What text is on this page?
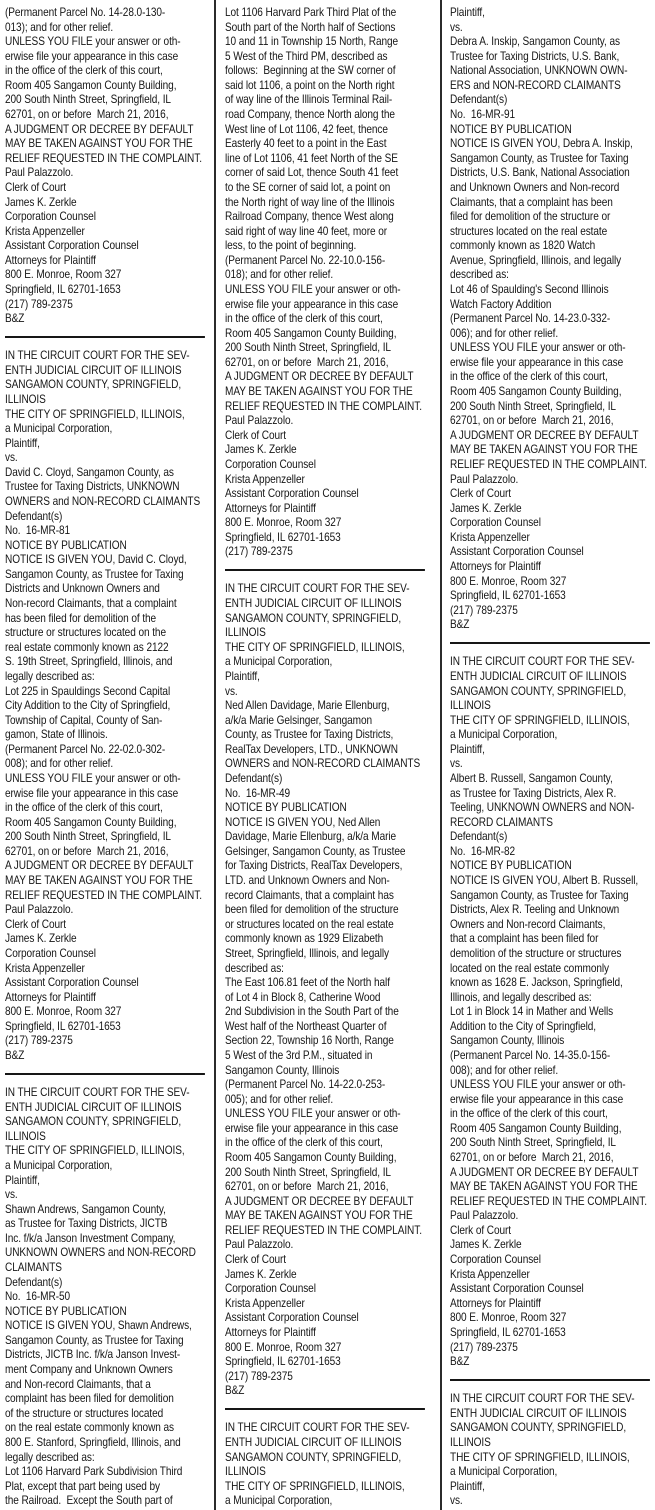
(Permanent Parcel No. 14-28.0-130-
013); and for other relief.
UNLESS YOU FILE your answer or oth-
erwise file your appearance in this case
in the office of the clerk of this court,
Room 405 Sangamon County Building,
200 South Ninth Street, Springfield, IL
62701, on or before  March 21, 2016,
A JUDGMENT OR DECREE BY DEFAULT
MAY BE TAKEN AGAINST YOU FOR THE
RELIEF REQUESTED IN THE COMPLAINT.
Paul Palazzolo.
Clerk of Court
James K. Zerkle
Corporation Counsel
Krista Appenzeller
Assistant Corporation Counsel
Attorneys for Plaintiff
800 E. Monroe, Room 327
Springfield, IL 62701-1653
(217) 789-2375
B&Z
IN THE CIRCUIT COURT FOR THE SEV-
ENTH JUDICIAL CIRCUIT OF ILLINOIS
SANGAMON COUNTY, SPRINGFIELD,
ILLINOIS
THE CITY OF SPRINGFIELD, ILLINOIS,
a Municipal Corporation,
Plaintiff,
vs.
David C. Cloyd, Sangamon County, as
Trustee for Taxing Districts, UNKNOWN
OWNERS and NON-RECORD CLAIMANTS
Defendant(s)
No.  16-MR-81
NOTICE BY PUBLICATION
NOTICE IS GIVEN YOU, David C. Cloyd,
Sangamon County, as Trustee for Taxing
Districts and Unknown Owners and
Non-record Claimants, that a complaint
has been filed for demolition of the
structure or structures located on the
real estate commonly known as 2122
S. 19th Street, Springfield, Illinois, and
legally described as:
Lot 225 in Spauldings Second Capital
City Addition to the City of Springfield,
Township of Capital, County of San-
gamon, State of Illinois.
(Permanent Parcel No. 22-02.0-302-
008); and for other relief.
UNLESS YOU FILE your answer or oth-
erwise file your appearance in this case
in the office of the clerk of this court,
Room 405 Sangamon County Building,
200 South Ninth Street, Springfield, IL
62701, on or before  March 21, 2016,
A JUDGMENT OR DECREE BY DEFAULT
MAY BE TAKEN AGAINST YOU FOR THE
RELIEF REQUESTED IN THE COMPLAINT.
Paul Palazzolo.
Clerk of Court
James K. Zerkle
Corporation Counsel
Krista Appenzeller
Assistant Corporation Counsel
Attorneys for Plaintiff
800 E. Monroe, Room 327
Springfield, IL 62701-1653
(217) 789-2375
B&Z
IN THE CIRCUIT COURT FOR THE SEV-
ENTH JUDICIAL CIRCUIT OF ILLINOIS
SANGAMON COUNTY, SPRINGFIELD,
ILLINOIS
THE CITY OF SPRINGFIELD, ILLINOIS,
a Municipal Corporation,
Plaintiff,
vs.
Shawn Andrews, Sangamon County,
as Trustee for Taxing Districts, JICTB
Inc. f/k/a Janson Investment Company,
UNKNOWN OWNERS and NON-RECORD
CLAIMANTS
Defendant(s)
No.  16-MR-50
NOTICE BY PUBLICATION
NOTICE IS GIVEN YOU, Shawn Andrews,
Sangamon County, as Trustee for Taxing
Districts, JICTB Inc. f/k/a Janson Invest-
ment Company and Unknown Owners
and Non-record Claimants, that a
complaint has been filed for demolition
of the structure or structures located
on the real estate commonly known as
800 E. Stanford, Springfield, Illinois, and
legally described as:
Lot 1106 Harvard Park Subdivision Third
Plat, except that part being used by
the Railroad.  Except the South part of
Lot 1106 Harvard Park Third Plat of the
South part of the North half of Sections
10 and 11 in Township 15 North, Range
5 West of the Third PM, described as
follows:  Beginning at the SW corner of
said lot 1106, a point on the North right
of way line of the Illinois Terminal Rail-
road Company, thence North along the
West line of Lot 1106, 42 feet, thence
Easterly 40 feet to a point in the East
line of Lot 1106, 41 feet North of the SE
corner of said Lot, thence South 41 feet
to the SE corner of said lot, a point on
the North right of way line of the Illinois
Railroad Company, thence West along
said right of way line 40 feet, more or
less, to the point of beginning.
(Permanent Parcel No. 22-10.0-156-
018); and for other relief.
UNLESS YOU FILE your answer or oth-
erwise file your appearance in this case
in the office of the clerk of this court,
Room 405 Sangamon County Building,
200 South Ninth Street, Springfield, IL
62701, on or before  March 21, 2016,
A JUDGMENT OR DECREE BY DEFAULT
MAY BE TAKEN AGAINST YOU FOR THE
RELIEF REQUESTED IN THE COMPLAINT.
Paul Palazzolo.
Clerk of Court
James K. Zerkle
Corporation Counsel
Krista Appenzeller
Assistant Corporation Counsel
Attorneys for Plaintiff
800 E. Monroe, Room 327
Springfield, IL 62701-1653
(217) 789-2375
IN THE CIRCUIT COURT FOR THE SEV-
ENTH JUDICIAL CIRCUIT OF ILLINOIS
SANGAMON COUNTY, SPRINGFIELD,
ILLINOIS
THE CITY OF SPRINGFIELD, ILLINOIS,
a Municipal Corporation,
Plaintiff,
vs.
Ned Allen Davidage, Marie Ellenburg,
a/k/a Marie Gelsinger, Sangamon
County, as Trustee for Taxing Districts,
RealTax Developers, LTD., UNKNOWN
OWNERS and NON-RECORD CLAIMANTS
Defendant(s)
No.  16-MR-49
NOTICE BY PUBLICATION
NOTICE IS GIVEN YOU, Ned Allen
Davidage, Marie Ellenburg, a/k/a Marie
Gelsinger, Sangamon County, as Trustee
for Taxing Districts, RealTax Developers,
LTD. and Unknown Owners and Non-
record Claimants, that a complaint has
been filed for demolition of the structure
or structures located on the real estate
commonly known as 1929 Elizabeth
Street, Springfield, Illinois, and legally
described as:
The East 106.81 feet of the North half
of Lot 4 in Block 8, Catherine Wood
2nd Subdivision in the South Part of the
West half of the Northeast Quarter of
Section 22, Township 16 North, Range
5 West of the 3rd P.M., situated in
Sangamon County, Illinois
(Permanent Parcel No. 14-22.0-253-
005); and for other relief.
UNLESS YOU FILE your answer or oth-
erwise file your appearance in this case
in the office of the clerk of this court,
Room 405 Sangamon County Building,
200 South Ninth Street, Springfield, IL
62701, on or before  March 21, 2016,
A JUDGMENT OR DECREE BY DEFAULT
MAY BE TAKEN AGAINST YOU FOR THE
RELIEF REQUESTED IN THE COMPLAINT.
Paul Palazzolo.
Clerk of Court
James K. Zerkle
Corporation Counsel
Krista Appenzeller
Assistant Corporation Counsel
Attorneys for Plaintiff
800 E. Monroe, Room 327
Springfield, IL 62701-1653
(217) 789-2375
B&Z
IN THE CIRCUIT COURT FOR THE SEV-
ENTH JUDICIAL CIRCUIT OF ILLINOIS
SANGAMON COUNTY, SPRINGFIELD,
ILLINOIS
THE CITY OF SPRINGFIELD, ILLINOIS,
a Municipal Corporation,
Plaintiff,
vs.
Debra A. Inskip, Sangamon County, as
Trustee for Taxing Districts, U.S. Bank,
National Association, UNKNOWN OWN-
ERS and NON-RECORD CLAIMANTS
Defendant(s)
No.  16-MR-91
NOTICE BY PUBLICATION
NOTICE IS GIVEN YOU, Debra A. Inskip,
Sangamon County, as Trustee for Taxing
Districts, U.S. Bank, National Association
and Unknown Owners and Non-record
Claimants, that a complaint has been
filed for demolition of the structure or
structures located on the real estate
commonly known as 1820 Watch
Avenue, Springfield, Illinois, and legally
described as:
Lot 46 of Spaulding's Second Illinois
Watch Factory Addition
(Permanent Parcel No. 14-23.0-332-
006); and for other relief.
UNLESS YOU FILE your answer or oth-
erwise file your appearance in this case
in the office of the clerk of this court,
Room 405 Sangamon County Building,
200 South Ninth Street, Springfield, IL
62701, on or before  March 21, 2016,
A JUDGMENT OR DECREE BY DEFAULT
MAY BE TAKEN AGAINST YOU FOR THE
RELIEF REQUESTED IN THE COMPLAINT.
Paul Palazzolo.
Clerk of Court
James K. Zerkle
Corporation Counsel
Krista Appenzeller
Assistant Corporation Counsel
Attorneys for Plaintiff
800 E. Monroe, Room 327
Springfield, IL 62701-1653
(217) 789-2375
B&Z
IN THE CIRCUIT COURT FOR THE SEV-
ENTH JUDICIAL CIRCUIT OF ILLINOIS
SANGAMON COUNTY, SPRINGFIELD,
ILLINOIS
THE CITY OF SPRINGFIELD, ILLINOIS,
a Municipal Corporation,
Plaintiff,
vs.
Albert B. Russell, Sangamon County,
as Trustee for Taxing Districts, Alex R.
Teeling, UNKNOWN OWNERS and NON-
RECORD CLAIMANTS
Defendant(s)
No.  16-MR-82
NOTICE BY PUBLICATION
NOTICE IS GIVEN YOU, Albert B. Russell,
Sangamon County, as Trustee for Taxing
Districts, Alex R. Teeling and Unknown
Owners and Non-record Claimants,
that a complaint has been filed for
demolition of the structure or structures
located on the real estate commonly
known as 1628 E. Jackson, Springfield,
Illinois, and legally described as:
Lot 1 in Block 14 in Mather and Wells
Addition to the City of Springfield,
Sangamon County, Illinois
(Permanent Parcel No. 14-35.0-156-
008); and for other relief.
UNLESS YOU FILE your answer or oth-
erwise file your appearance in this case
in the office of the clerk of this court,
Room 405 Sangamon County Building,
200 South Ninth Street, Springfield, IL
62701, on or before  March 21, 2016,
A JUDGMENT OR DECREE BY DEFAULT
MAY BE TAKEN AGAINST YOU FOR THE
RELIEF REQUESTED IN THE COMPLAINT.
Paul Palazzolo.
Clerk of Court
James K. Zerkle
Corporation Counsel
Krista Appenzeller
Assistant Corporation Counsel
Attorneys for Plaintiff
800 E. Monroe, Room 327
Springfield, IL 62701-1653
(217) 789-2375
B&Z
IN THE CIRCUIT COURT FOR THE SEV-
ENTH JUDICIAL CIRCUIT OF ILLINOIS
SANGAMON COUNTY, SPRINGFIELD,
ILLINOIS
THE CITY OF SPRINGFIELD, ILLINOIS,
a Municipal Corporation,
Plaintiff,
vs.
